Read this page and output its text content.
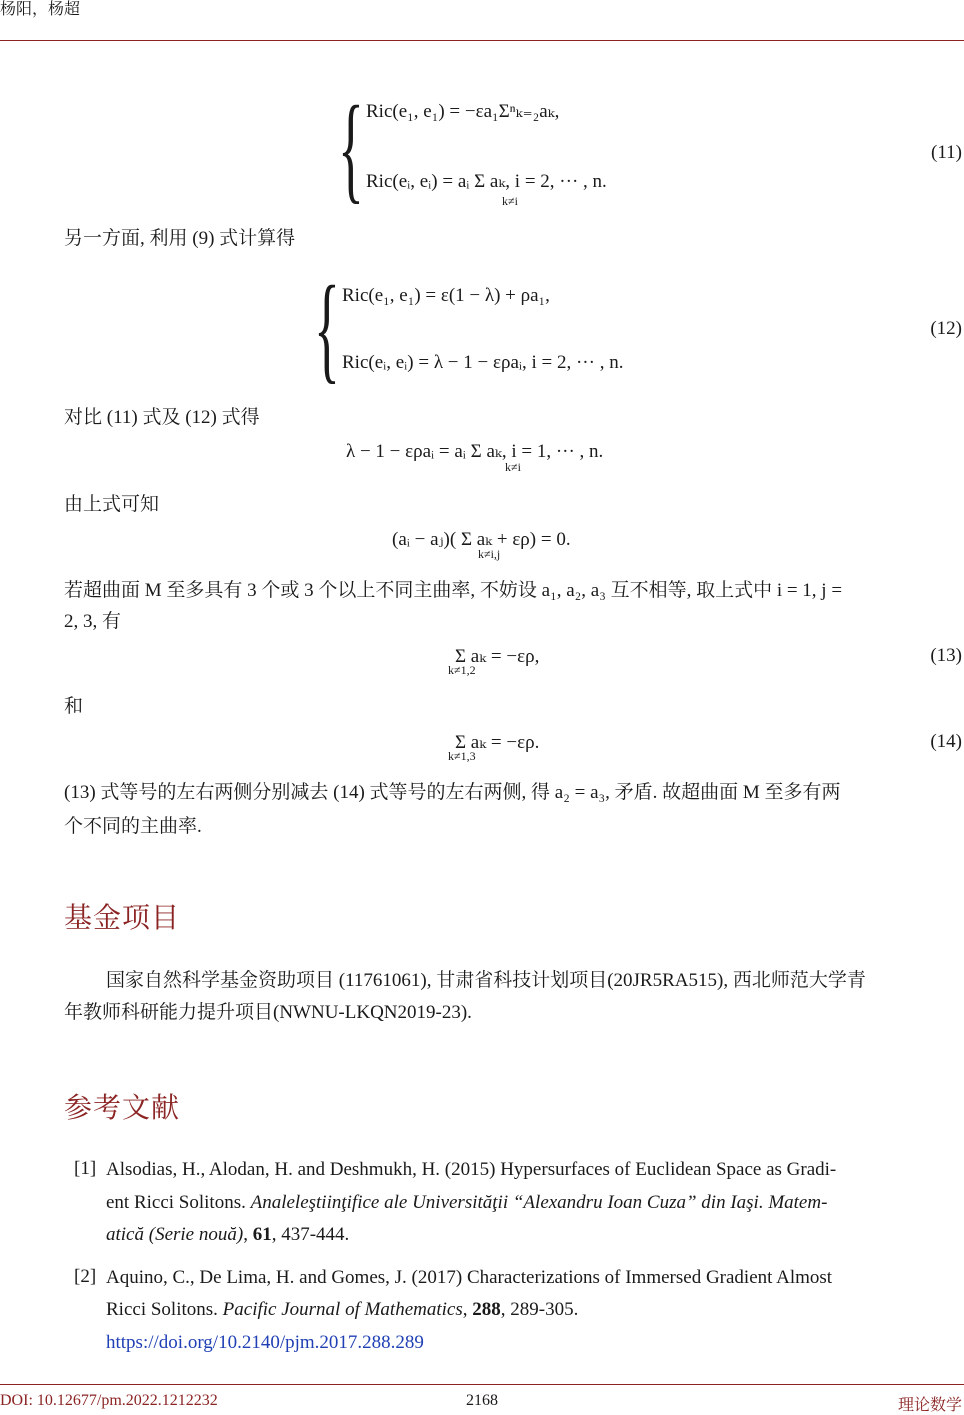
杨阳，杨超
{ Ric(e₁, e₁) = −εa₁Σⁿₖ₌₂aₖ,
Ric(eᵢ, eᵢ) = aᵢ Σ aₖ, i = 2, ··· , n.
k≠i
(11)
另一方面, 利用 (9) 式计算得
{ Ric(e₁, e₁) = ε(1 − λ) + ρa₁,
Ric(eᵢ, eᵢ) = λ − 1 − ερaᵢ, i = 2, ··· , n.
(12)
对比 (11) 式及 (12) 式得
λ − 1 − ερaᵢ = aᵢ Σ aₖ, i = 1, ··· , n.
k≠i
由上式可知
(aᵢ − aⱼ)( Σ aₖ + ερ) = 0.
k≠i,j
若超曲面 M 至多具有 3 个或 3 个以上不同主曲率, 不妨设 a₁, a₂, a₃ 互不相等, 取上式中 i = 1, j =
2, 3, 有
Σ aₖ = −ερ,
k≠1,2
(13)
和
Σ aₖ = −ερ.
k≠1,3
(14)
(13) 式等号的左右两侧分别减去 (14) 式等号的左右两侧, 得 a₂ = a₃, 矛盾. 故超曲面 M 至多有两
个不同的主曲率.
基金项目
国家自然科学基金资助项目 (11761061), 甘肃省科技计划项目(20JR5RA515), 西北师范大学青
年教师科研能力提升项目(NWNU-LKQN2019-23).
参考文献
[1] Alsodias, H., Alodan, H. and Deshmukh, H. (2015) Hypersurfaces of Euclidean Space as Gradi-
ent Ricci Solitons. Analeleştiinţifice ale Universităţii “Alexandru Ioan Cuza” din Iaşi. Matem-
atică (Serie nouă), 61, 437-444.
[2] Aquino, C., De Lima, H. and Gomes, J. (2017) Characterizations of Immersed Gradient Almost
Ricci Solitons. Pacific Journal of Mathematics, 288, 289-305.
https://doi.org/10.2140/pjm.2017.288.289
DOI: 10.12677/pm.2022.1212232	2168	理论数学
